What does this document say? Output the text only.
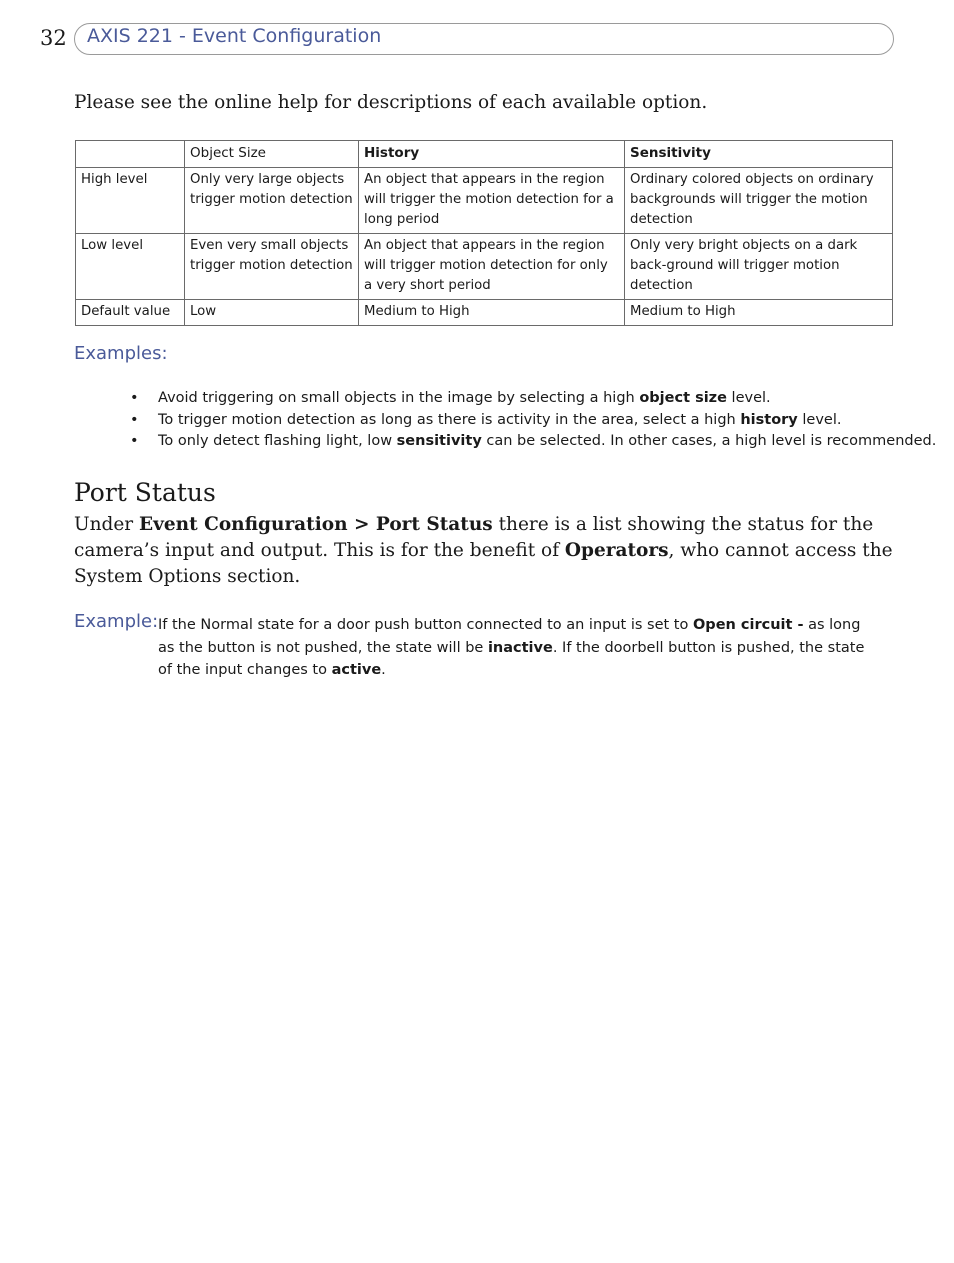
32 AXIS 221 - Event Configuration
Please see the online help for descriptions of each available option.
	Object Size	History	Sensitivity
High level	Only very large objects trigger motion detection	An object that appears in the region will trigger the motion detection for a long period	Ordinary colored objects on ordinary backgrounds will trigger the motion detection
Low level	Even very small objects trigger motion detection	An object that appears in the region will trigger motion detection for only a very short period	Only very bright objects on a dark back-ground will trigger motion detection
Default value	Low	Medium to High	Medium to High
Examples:
• Avoid triggering on small objects in the image by selecting a high object size level.
• To trigger motion detection as long as there is activity in the area, select a high history level.
• To only detect flashing light, low sensitivity can be selected. In other cases, a high level is recommended.
Port Status
Under Event Configuration > Port Status there is a list showing the status for the camera’s input and output. This is for the benefit of Operators, who cannot access the System Options section.
Example: If the Normal state for a door push button connected to an input is set to Open circuit - as long as the button is not pushed, the state will be inactive. If the doorbell button is pushed, the state of the input changes to active.
